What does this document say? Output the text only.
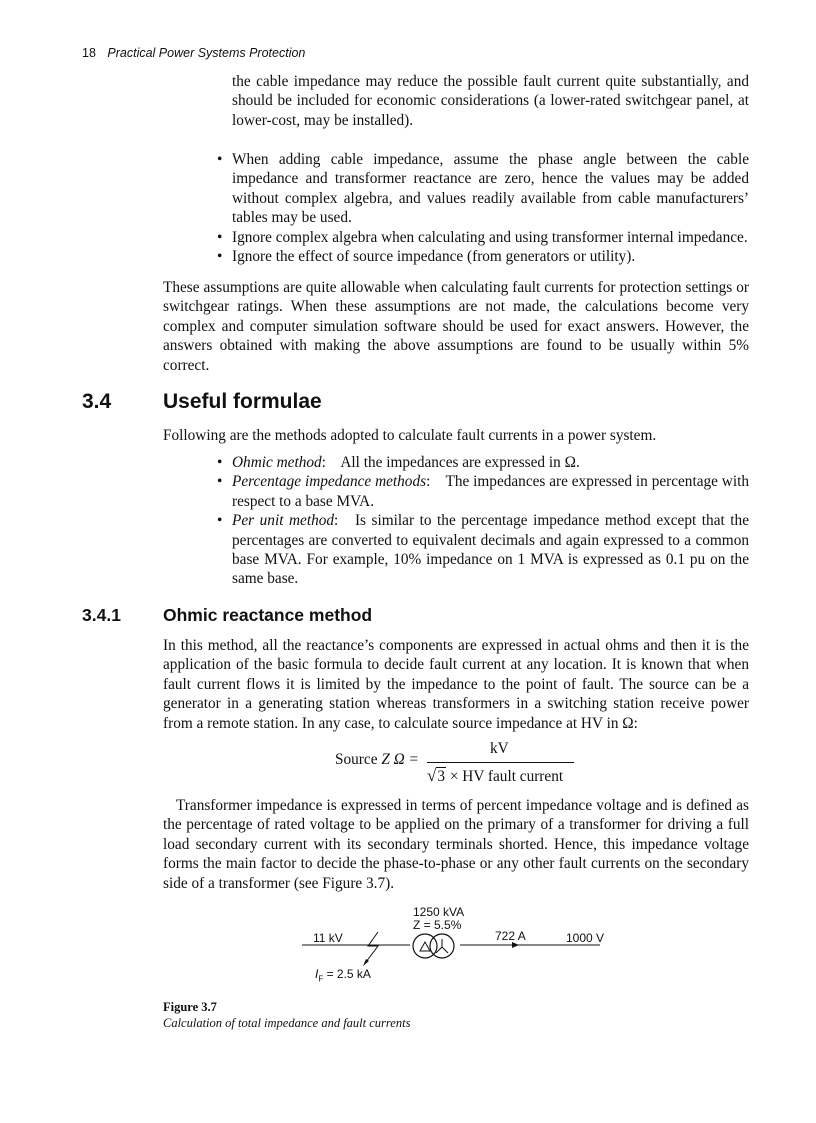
18 Practical Power Systems Protection
the cable impedance may reduce the possible fault current quite substantially, and should be included for economic considerations (a lower-rated switchgear panel, at lower-cost, may be installed).
• When adding cable impedance, assume the phase angle between the cable impedance and transformer reactance are zero, hence the values may be added without complex algebra, and values readily available from cable manufacturers’ tables may be used.
• Ignore complex algebra when calculating and using transformer internal impedance.
• Ignore the effect of source impedance (from generators or utility).
These assumptions are quite allowable when calculating fault currents for protection settings or switchgear ratings. When these assumptions are not made, the calculations become very complex and computer simulation software should be used for exact answers. However, the answers obtained with making the above assumptions are found to be usually within 5% correct.
3.4 Useful formulae
Following are the methods adopted to calculate fault currents in a power system.
• Ohmic method:    All the impedances are expressed in Ω.
• Percentage impedance methods:    The impedances are expressed in percentage with respect to a base MVA.
• Per unit method:   Is similar to the percentage impedance method except that the percentages are converted to equivalent decimals and again expressed to a common base MVA. For example, 10% impedance on 1 MVA is expressed as 0.1 pu on the same base.
3.4.1 Ohmic reactance method
In this method, all the reactance’s components are expressed in actual ohms and then it is the application of the basic formula to decide fault current at any location. It is known that when fault current flows it is limited by the impedance to the point of fault. The source can be a generator in a generating station whereas transformers in a switching station receive power from a remote station. In any case, to calculate source impedance at HV in Ω:
Source Z Ω =
kV
√3 × HV fault current
Transformer impedance is expressed in terms of percent impedance voltage and is defined as the percentage of rated voltage to be applied on the primary of a transformer for driving a full load secondary current with its secondary terminals shorted. Hence, this impedance voltage forms the main factor to decide the phase-to-phase or any other fault currents on the secondary side of a transformer (see Figure 3.7).
1250 kVA
Z = 5.5%
11 kV	722 A	1000 V
$I_F = 2.5$ kA
Figure 3.7
Calculation of total impedance and fault currents
